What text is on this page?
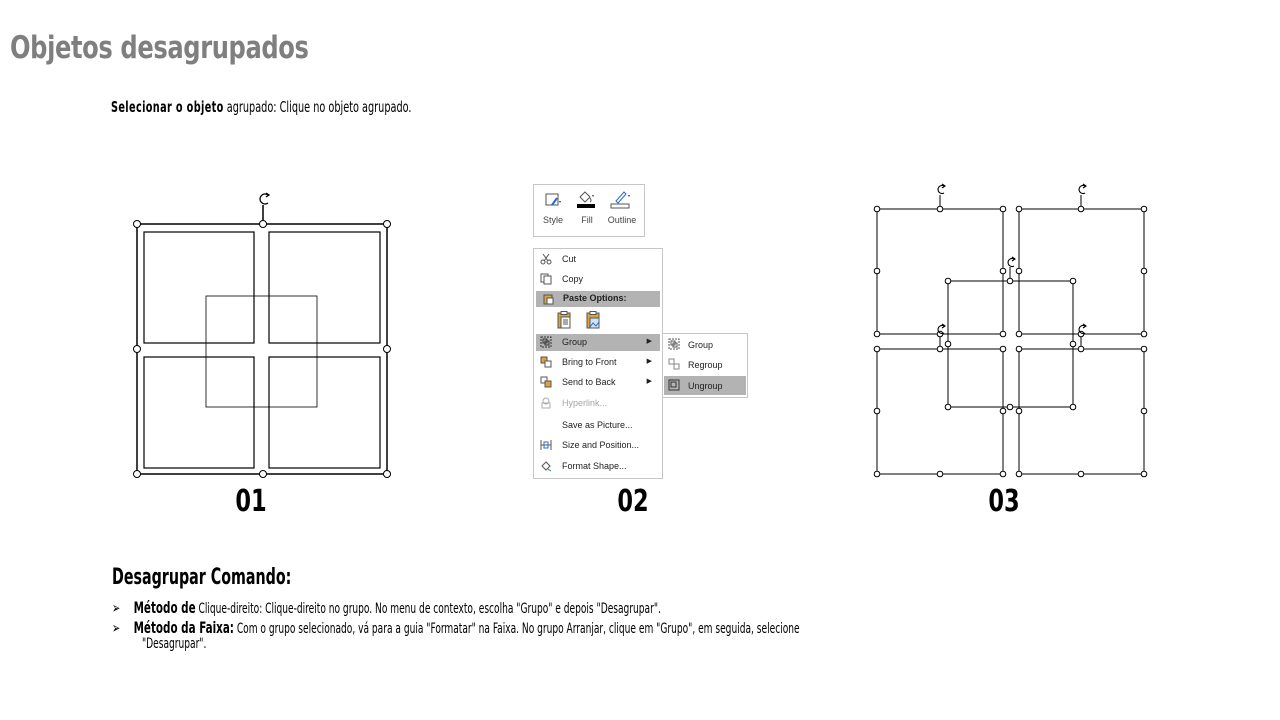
Objetos desagrupados
Selecionar o objeto agrupado: Clique no objeto agrupado.
01
Style	Fill	Outline
Cut
Copy
Paste Options:
Group	▶
Bring to Front	▶
Send to Back	▶
Hyperlink...
Save as Picture...
Size and Position...
Format Shape...
Group
Regroup
Ungroup
02	03
Desagrupar Comando:
➢ Método de Clique-direito: Clique-direito no grupo. No menu de contexto, escolha "Grupo" e depois "Desagrupar".
➢ Método da Faixa: Com o grupo selecionado, vá para a guia "Formatar" na Faixa. No grupo Arranjar, clique em "Grupo", em seguida, selecione
"Desagrupar".
